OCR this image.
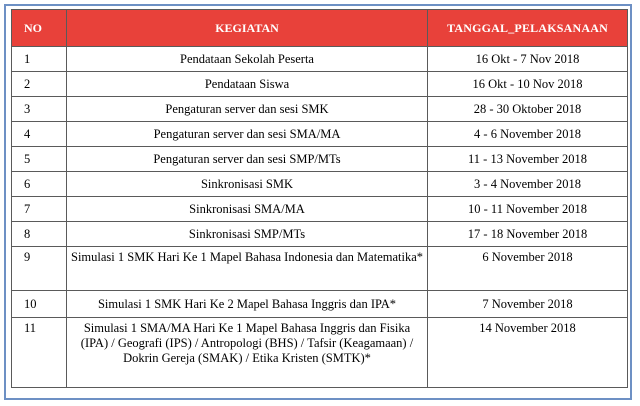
NO	KEGIATAN	TANGGAL_PELAKSANAAN
1	Pendataan Sekolah Peserta	16 Okt - 7 Nov 2018
2	Pendataan Siswa	16 Okt - 10 Nov 2018
3	Pengaturan server dan sesi SMK	28 - 30 Oktober 2018
4	Pengaturan server dan sesi SMA/MA	4 - 6 November 2018
5	Pengaturan server dan sesi SMP/MTs	11 - 13 November 2018
6	Sinkronisasi SMK	3 - 4 November 2018
7	Sinkronisasi SMA/MA	10 - 11 November 2018
8	Sinkronisasi SMP/MTs	17 - 18 November 2018
9	Simulasi 1 SMK Hari Ke 1 Mapel Bahasa Indonesia dan Matematika*	6 November 2018
10	Simulasi 1 SMK Hari Ke 2 Mapel Bahasa Inggris dan IPA*	7 November 2018
11	Simulasi 1 SMA/MA Hari Ke 1 Mapel Bahasa Inggris dan Fisika (IPA) / Geografi (IPS) / Antropologi (BHS) / Tafsir (Keagamaan) / Dokrin Gereja (SMAK) / Etika Kristen (SMTK)*	14 November 2018
